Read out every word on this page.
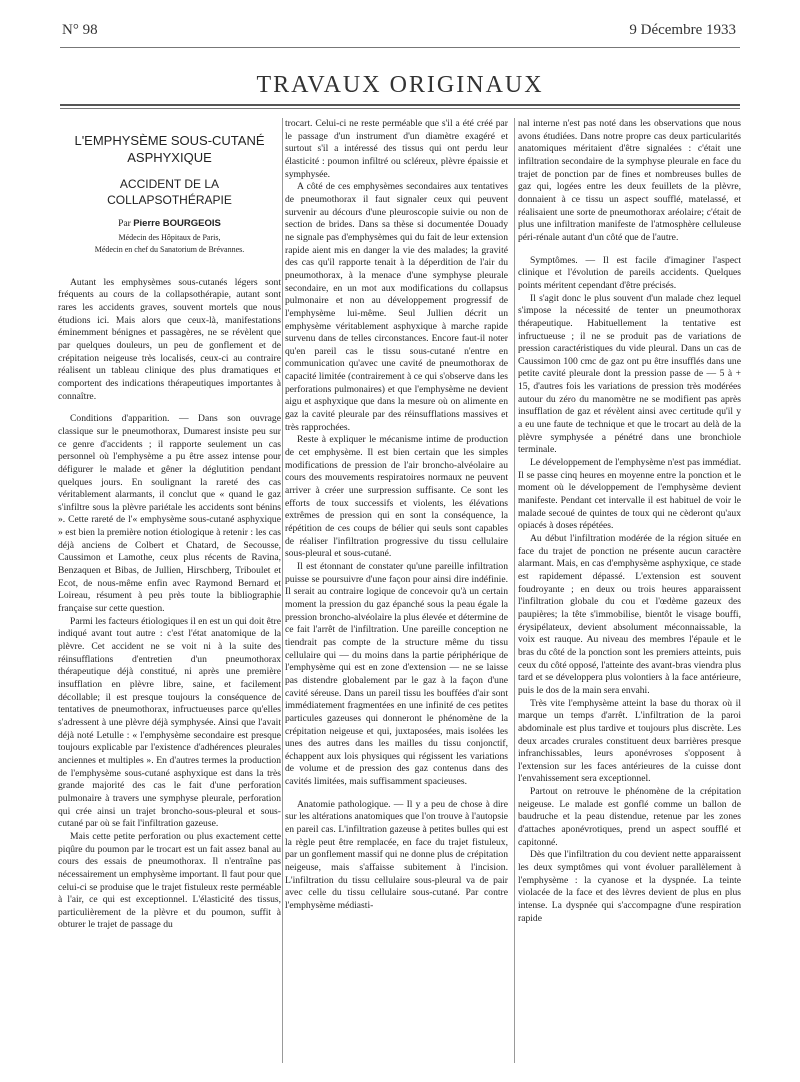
N° 98	9 Décembre 1933
TRAVAUX ORIGINAUX
L'EMPHYSÈME SOUS-CUTANÉ ASPHYXIQUE
ACCIDENT DE LA COLLAPSOTHÉRAPIE
Par Pierre BOURGEOIS
Médecin des Hôpitaux de Paris,
Médecin en chef du Sanatorium de Brévannes.

Autant les emphysèmes sous-cutanés légers sont fréquents au cours de la collapsothérapie, autant sont rares les accidents graves, souvent mortels que nous étudions ici. Mais alors que ceux-là, manifestations éminemment bénignes et passagères, ne se révèlent que par quelques douleurs, un peu de gonflement et de crépitation neigeuse très localisés, ceux-ci au contraire réalisent un tableau clinique des plus dramatiques et comportent des indications thérapeutiques importantes à connaître.

Conditions d'apparition. — Dans son ouvrage classique sur le pneumothorax, Dumarest insiste peu sur ce genre d'accidents ; il rapporte seulement un cas personnel où l'emphysème a pu être assez intense pour défigurer le malade et gêner la déglutition pendant quelques jours. En soulignant la rareté des cas véritablement alarmants, il conclut que « quand le gaz s'infiltre sous la plèvre pariétale les accidents sont bénins ». Cette rareté de l'« emphysème sous-cutané asphyxique » est bien la première notion étiologique à retenir : les cas déjà anciens de Colbert et Chatard, de Secousse, Caussimon et Lamothe, ceux plus récents de Ravina, Benzaquen et Bibas, de Jullien, Hirschberg, Triboulet et Ecot, de nous-même enfin avec Raymond Bernard et Loireau, résument à peu près toute la bibliographie française sur cette question.

Parmi les facteurs étiologiques il en est un qui doit être indiqué avant tout autre : c'est l'état anatomique de la plèvre. Cet accident ne se voit ni à la suite des réinsufflations d'entretien d'un pneumothorax thérapeutique déjà constitué, ni après une première insufflation en plèvre libre, saine, et facilement décollable; il est presque toujours la conséquence de tentatives de pneumothorax, infructueuses parce qu'elles s'adressent à une plèvre déjà symphysée. Ainsi que l'avait déjà noté Letulle : « l'emphysème secondaire est presque toujours explicable par l'existence d'adhérences pleurales anciennes et multiples ». En d'autres termes la production de l'emphysème sous-cutané asphyxique est dans la très grande majorité des cas le fait d'une perforation pulmonaire à travers une symphyse pleurale, perforation qui crée ainsi un trajet broncho-sous-pleural et sous-cutané par où se fait l'infiltration gazeuse.

Mais cette petite perforation ou plus exactement cette piqûre du poumon par le trocart est un fait assez banal au cours des essais de pneumothorax. Il n'entraîne pas nécessairement un emphysème important. Il faut pour que celui-ci se produise que le trajet fistuleux reste perméable à l'air, ce qui est exceptionnel. L'élasticité des tissus, particulièrement de la plèvre et du poumon, suffit à obturer le trajet de passage du

trocart. Celui-ci ne reste perméable que s'il a été créé par le passage d'un instrument d'un diamètre exagéré et surtout s'il a intéressé des tissus qui ont perdu leur élasticité : poumon infiltré ou scléreux, plèvre épaissie et symphysée.

A côté de ces emphysèmes secondaires aux tentatives de pneumothorax il faut signaler ceux qui peuvent survenir au décours d'une pleuroscopie suivie ou non de section de brides. Dans sa thèse si documentée Douady ne signale pas d'emphysèmes qui du fait de leur extension rapide aient mis en danger la vie des malades; la gravité des cas qu'il rapporte tenait à la déperdition de l'air du pneumothorax, à la menace d'une symphyse pleurale secondaire, en un mot aux modifications du collapsus pulmonaire et non au développement progressif de l'emphysème lui-même. Seul Jullien décrit un emphysème véritablement asphyxique à marche rapide survenu dans de telles circonstances. Encore faut-il noter qu'en pareil cas le tissu sous-cutané n'entre en communication qu'avec une cavité de pneumothorax de capacité limitée (contrairement à ce qui s'observe dans les perforations pulmonaires) et que l'emphysème ne devient aigu et asphyxique que dans la mesure où on alimente en gaz la cavité pleurale par des réinsufflations massives et très rapprochées.

Reste à expliquer le mécanisme intime de production de cet emphysème. Il est bien certain que les simples modifications de pression de l'air broncho-alvéolaire au cours des mouvements respiratoires normaux ne peuvent arriver à créer une surpression suffisante. Ce sont les efforts de toux successifs et violents, les élévations extrêmes de pression qui en sont la conséquence, la répétition de ces coups de bélier qui seuls sont capables de réaliser l'infiltration progressive du tissu cellulaire sous-pleural et sous-cutané.

Il est étonnant de constater qu'une pareille infiltration puisse se poursuivre d'une façon pour ainsi dire indéfinie. Il serait au contraire logique de concevoir qu'à un certain moment la pression du gaz épanché sous la peau égale la pression broncho-alvéolaire la plus élevée et détermine de ce fait l'arrêt de l'infiltration. Une pareille conception ne tiendrait pas compte de la structure même du tissu cellulaire qui — du moins dans la partie périphérique de l'emphysème qui est en zone d'extension — ne se laisse pas distendre globalement par le gaz à la façon d'une cavité séreuse. Dans un pareil tissu les bouffées d'air sont immédiatement fragmentées en une infinité de ces petites particules gazeuses qui donneront le phénomène de la crépitation neigeuse et qui, juxtaposées, mais isolées les unes des autres dans les mailles du tissu conjonctif, échappent aux lois physiques qui régissent les variations de volume et de pression des gaz contenus dans des cavités limitées, mais suffisamment spacieuses.

Anatomie pathologique. — Il y a peu de chose à dire sur les altérations anatomiques que l'on trouve à l'autopsie en pareil cas. L'infiltration gazeuse à petites bulles qui est la règle peut être remplacée, en face du trajet fistuleux, par un gonflement massif qui ne donne plus de crépitation neigeuse, mais s'affaisse subitement à l'incision. L'infiltration du tissu cellulaire sous-pleural va de pair avec celle du tissu cellulaire sous-cutané. Par contre l'emphysème médiasti-

nal interne n'est pas noté dans les observations que nous avons étudiées. Dans notre propre cas deux particularités anatomiques méritaient d'être signalées : c'était une infiltration secondaire de la symphyse pleurale en face du trajet de ponction par de fines et nombreuses bulles de gaz qui, logées entre les deux feuillets de la plèvre, donnaient à ce tissu un aspect soufflé, matelassé, et réalisaient une sorte de pneumothorax aréolaire; c'était de plus une infiltration manifeste de l'atmosphère celluleuse péri-rénale autant d'un côté que de l'autre.

Symptômes. — Il est facile d'imaginer l'aspect clinique et l'évolution de pareils accidents. Quelques points méritent cependant d'être précisés.

Il s'agit donc le plus souvent d'un malade chez lequel s'impose la nécessité de tenter un pneumothorax thérapeutique. Habituellement la tentative est infructueuse ; il ne se produit pas de variations de pression caractéristiques du vide pleural. Dans un cas de Caussimon 100 cmc de gaz ont pu être insufflés dans une petite cavité pleurale dont la pression passe de — 5 à + 15, d'autres fois les variations de pression très modérées autour du zéro du manomètre ne se modifient pas après insufflation de gaz et révèlent ainsi avec certitude qu'il y a eu une faute de technique et que le trocart au delà de la plèvre symphysée a pénétré dans une bronchiole terminale.

Le développement de l'emphysème n'est pas immédiat. Il se passe cinq heures en moyenne entre la ponction et le moment où le développement de l'emphysème devient manifeste. Pendant cet intervalle il est habituel de voir le malade secoué de quintes de toux qui ne cèderont qu'aux opiacés à doses répétées.

Au début l'infiltration modérée de la région située en face du trajet de ponction ne présente aucun caractère alarmant. Mais, en cas d'emphysème asphyxique, ce stade est rapidement dépassé. L'extension est souvent foudroyante ; en deux ou trois heures apparaissent l'infiltration globale du cou et l'œdème gazeux des paupières; la tête s'immobilise, bientôt le visage bouffi, érysipélateux, devient absolument méconnaissable, la voix est rauque. Au niveau des membres l'épaule et le bras du côté de la ponction sont les premiers atteints, puis ceux du côté opposé, l'atteinte des avant-bras viendra plus tard et se développera plus volontiers à la face antérieure, puis le dos de la main sera envahi.

Très vite l'emphysème atteint la base du thorax où il marque un temps d'arrêt. L'infiltration de la paroi abdominale est plus tardive et toujours plus discrète. Les deux arcades crurales constituent deux barrières presque infranchissables, leurs aponévroses s'opposent à l'extension sur les faces antérieures de la cuisse dont l'envahissement sera exceptionnel.

Partout on retrouve le phénomène de la crépitation neigeuse. Le malade est gonflé comme un ballon de baudruche et la peau distendue, retenue par les zones d'attaches aponévrotiques, prend un aspect soufflé et capitonné.

Dès que l'infiltration du cou devient nette apparaissent les deux symptômes qui vont évoluer parallèlement à l'emphysème : la cyanose et la dyspnée. La teinte violacée de la face et des lèvres devient de plus en plus intense. La dyspnée qui s'accompagne d'une respiration rapide
